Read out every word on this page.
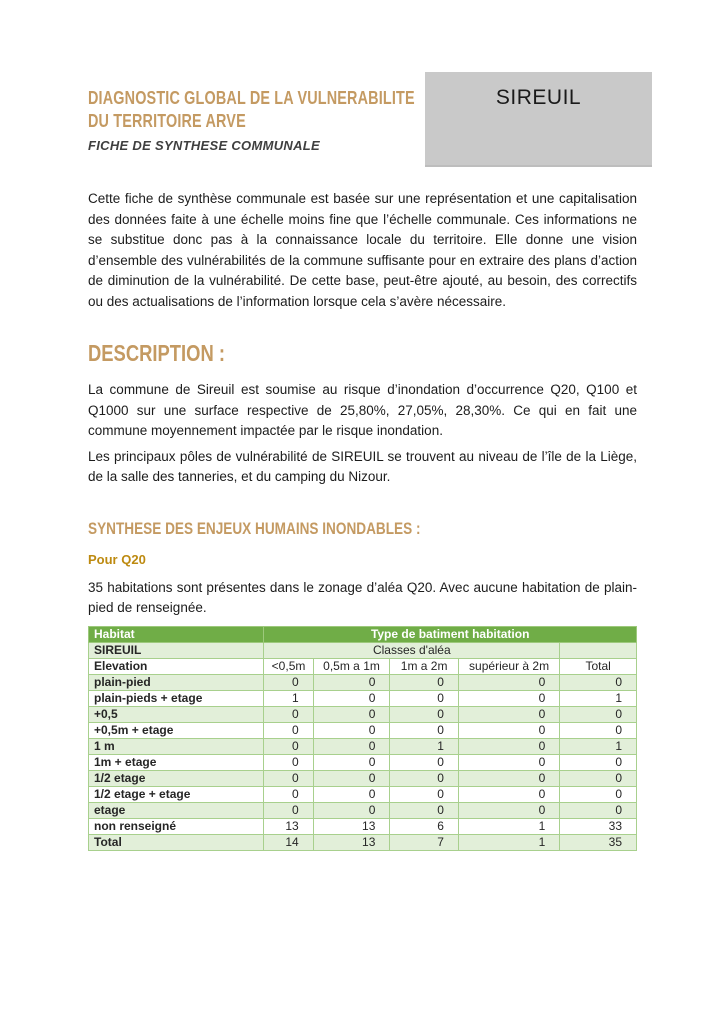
SIREUIL
DIAGNOSTIC GLOBAL DE LA VULNERABILITE
DU TERRITOIRE ARVE
FICHE DE SYNTHESE COMMUNALE

Cette fiche de synthèse communale est basée sur une représentation et une capitalisation des données faite à une échelle moins fine que l’échelle communale. Ces informations ne se substitue donc pas à la connaissance locale du territoire. Elle donne une vision d’ensemble des vulnérabilités de la commune suffisante pour en extraire des plans d’action de diminution de la vulnérabilité. De cette base, peut-être ajouté, au besoin, des correctifs ou des actualisations de l’information lorsque cela s’avère nécessaire.

DESCRIPTION :

La commune de Sireuil est soumise au risque d’inondation d’occurrence Q20, Q100 et Q1000 sur une surface respective de 25,80%, 27,05%, 28,30%. Ce qui en fait une commune moyennement impactée par le risque inondation.

Les principaux pôles de vulnérabilité de SIREUIL se trouvent au niveau de l’île de la Liège, de la salle des tanneries, et du camping du Nizour.

SYNTHESE DES ENJEUX HUMAINS INONDABLES :
Pour Q20

35 habitations sont présentes dans le zonage d’aléa Q20. Avec aucune habitation de plain-pied de renseignée.

Habitat	Type de batiment habitation				
SIREUIL	Classes d'aléa				
Elevation	<0,5m	0,5m a 1m	1m a 2m	supérieur à 2m	Total
plain-pied	0	0	0	0	0
plain-pieds + etage	1	0	0	0	1
+0,5	0	0	0	0	0
+0,5m + etage	0	0	0	0	0
1 m	0	0	1	0	1
1m + etage	0	0	0	0	0
1/2 etage	0	0	0	0	0
1/2 etage + etage	0	0	0	0	0
etage	0	0	0	0	0
non renseigné	13	13	6	1	33
Total	14	13	7	1	35
